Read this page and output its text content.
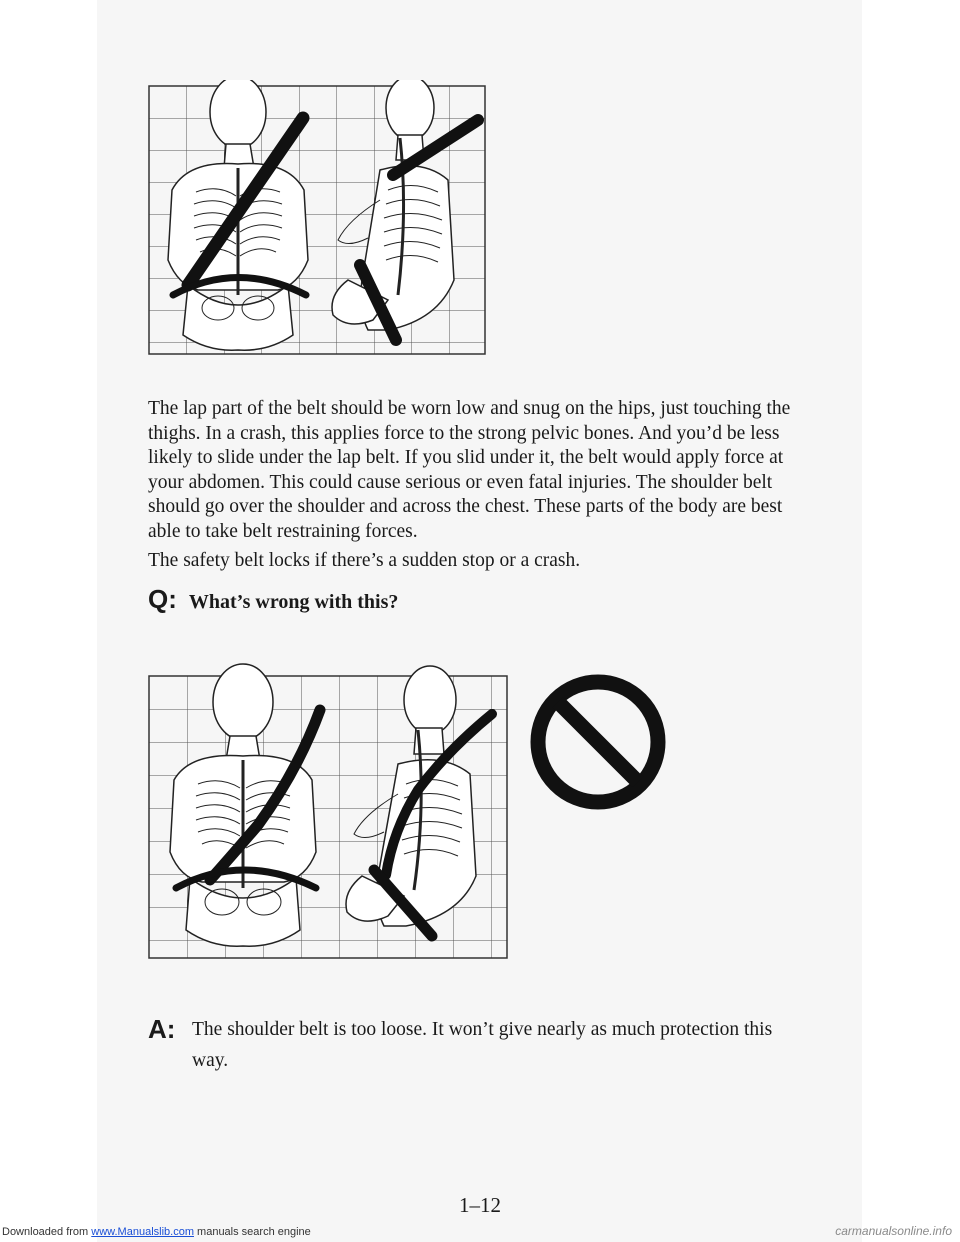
The lap part of the belt should be worn low and snug on the hips, just touching the thighs. In a crash, this applies force to the strong pelvic bones. And you’d be less likely to slide under the lap belt. If you slid under it, the belt would apply force at your abdomen. This could cause serious or even fatal injuries. The shoulder belt should go over the shoulder and across the chest. These parts of the body are best able to take belt restraining forces.

The safety belt locks if there’s a sudden stop or a crash.

Q: What’s wrong with this?
A: The shoulder belt is too loose. It won’t give nearly as much protection this way.
1–12
Downloaded from www.Manualslib.com manuals search engine	carmanualsonline.info
